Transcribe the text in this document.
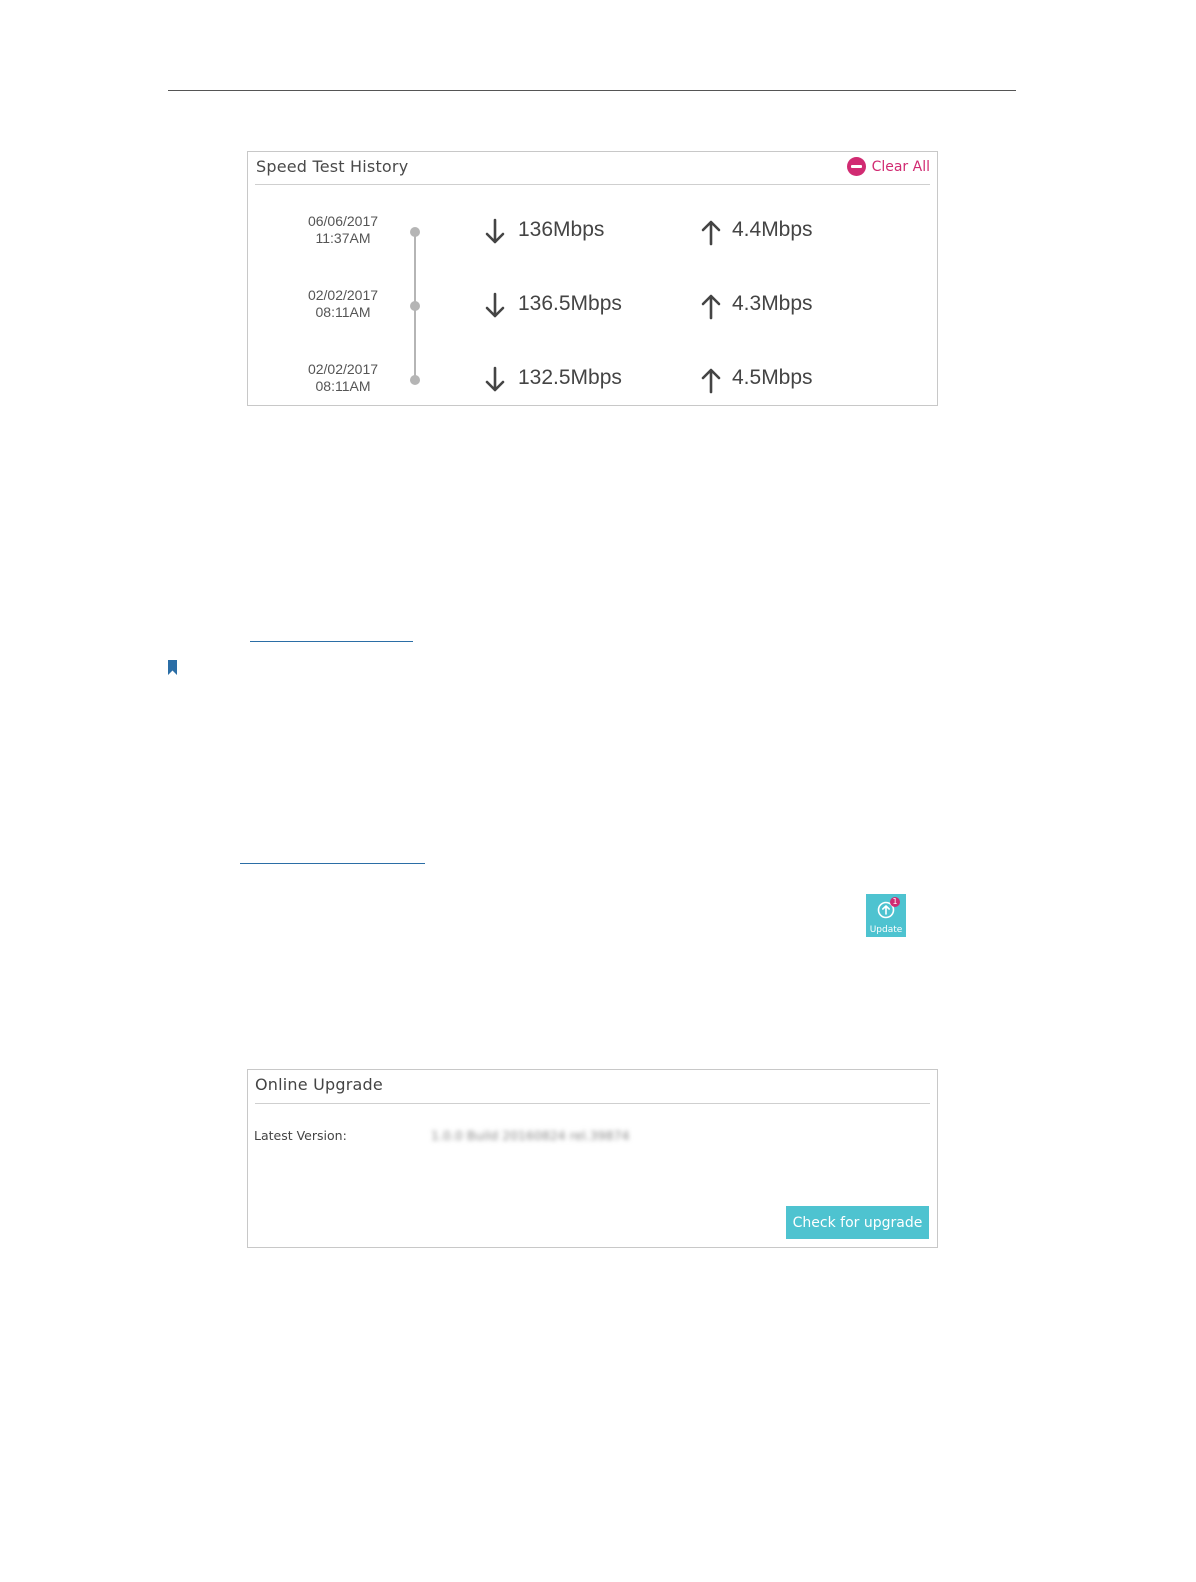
Speed Test History	Clear All
06/06/2017
11:37AM	136Mbps	4.4Mbps
02/02/2017
08:11AM	136.5Mbps	4.3Mbps
02/02/2017
08:11AM	132.5Mbps	4.5Mbps
1
Update
Online Upgrade
Latest Version:	1.0.0 Build 20160824 rel.39874
Check for upgrade
